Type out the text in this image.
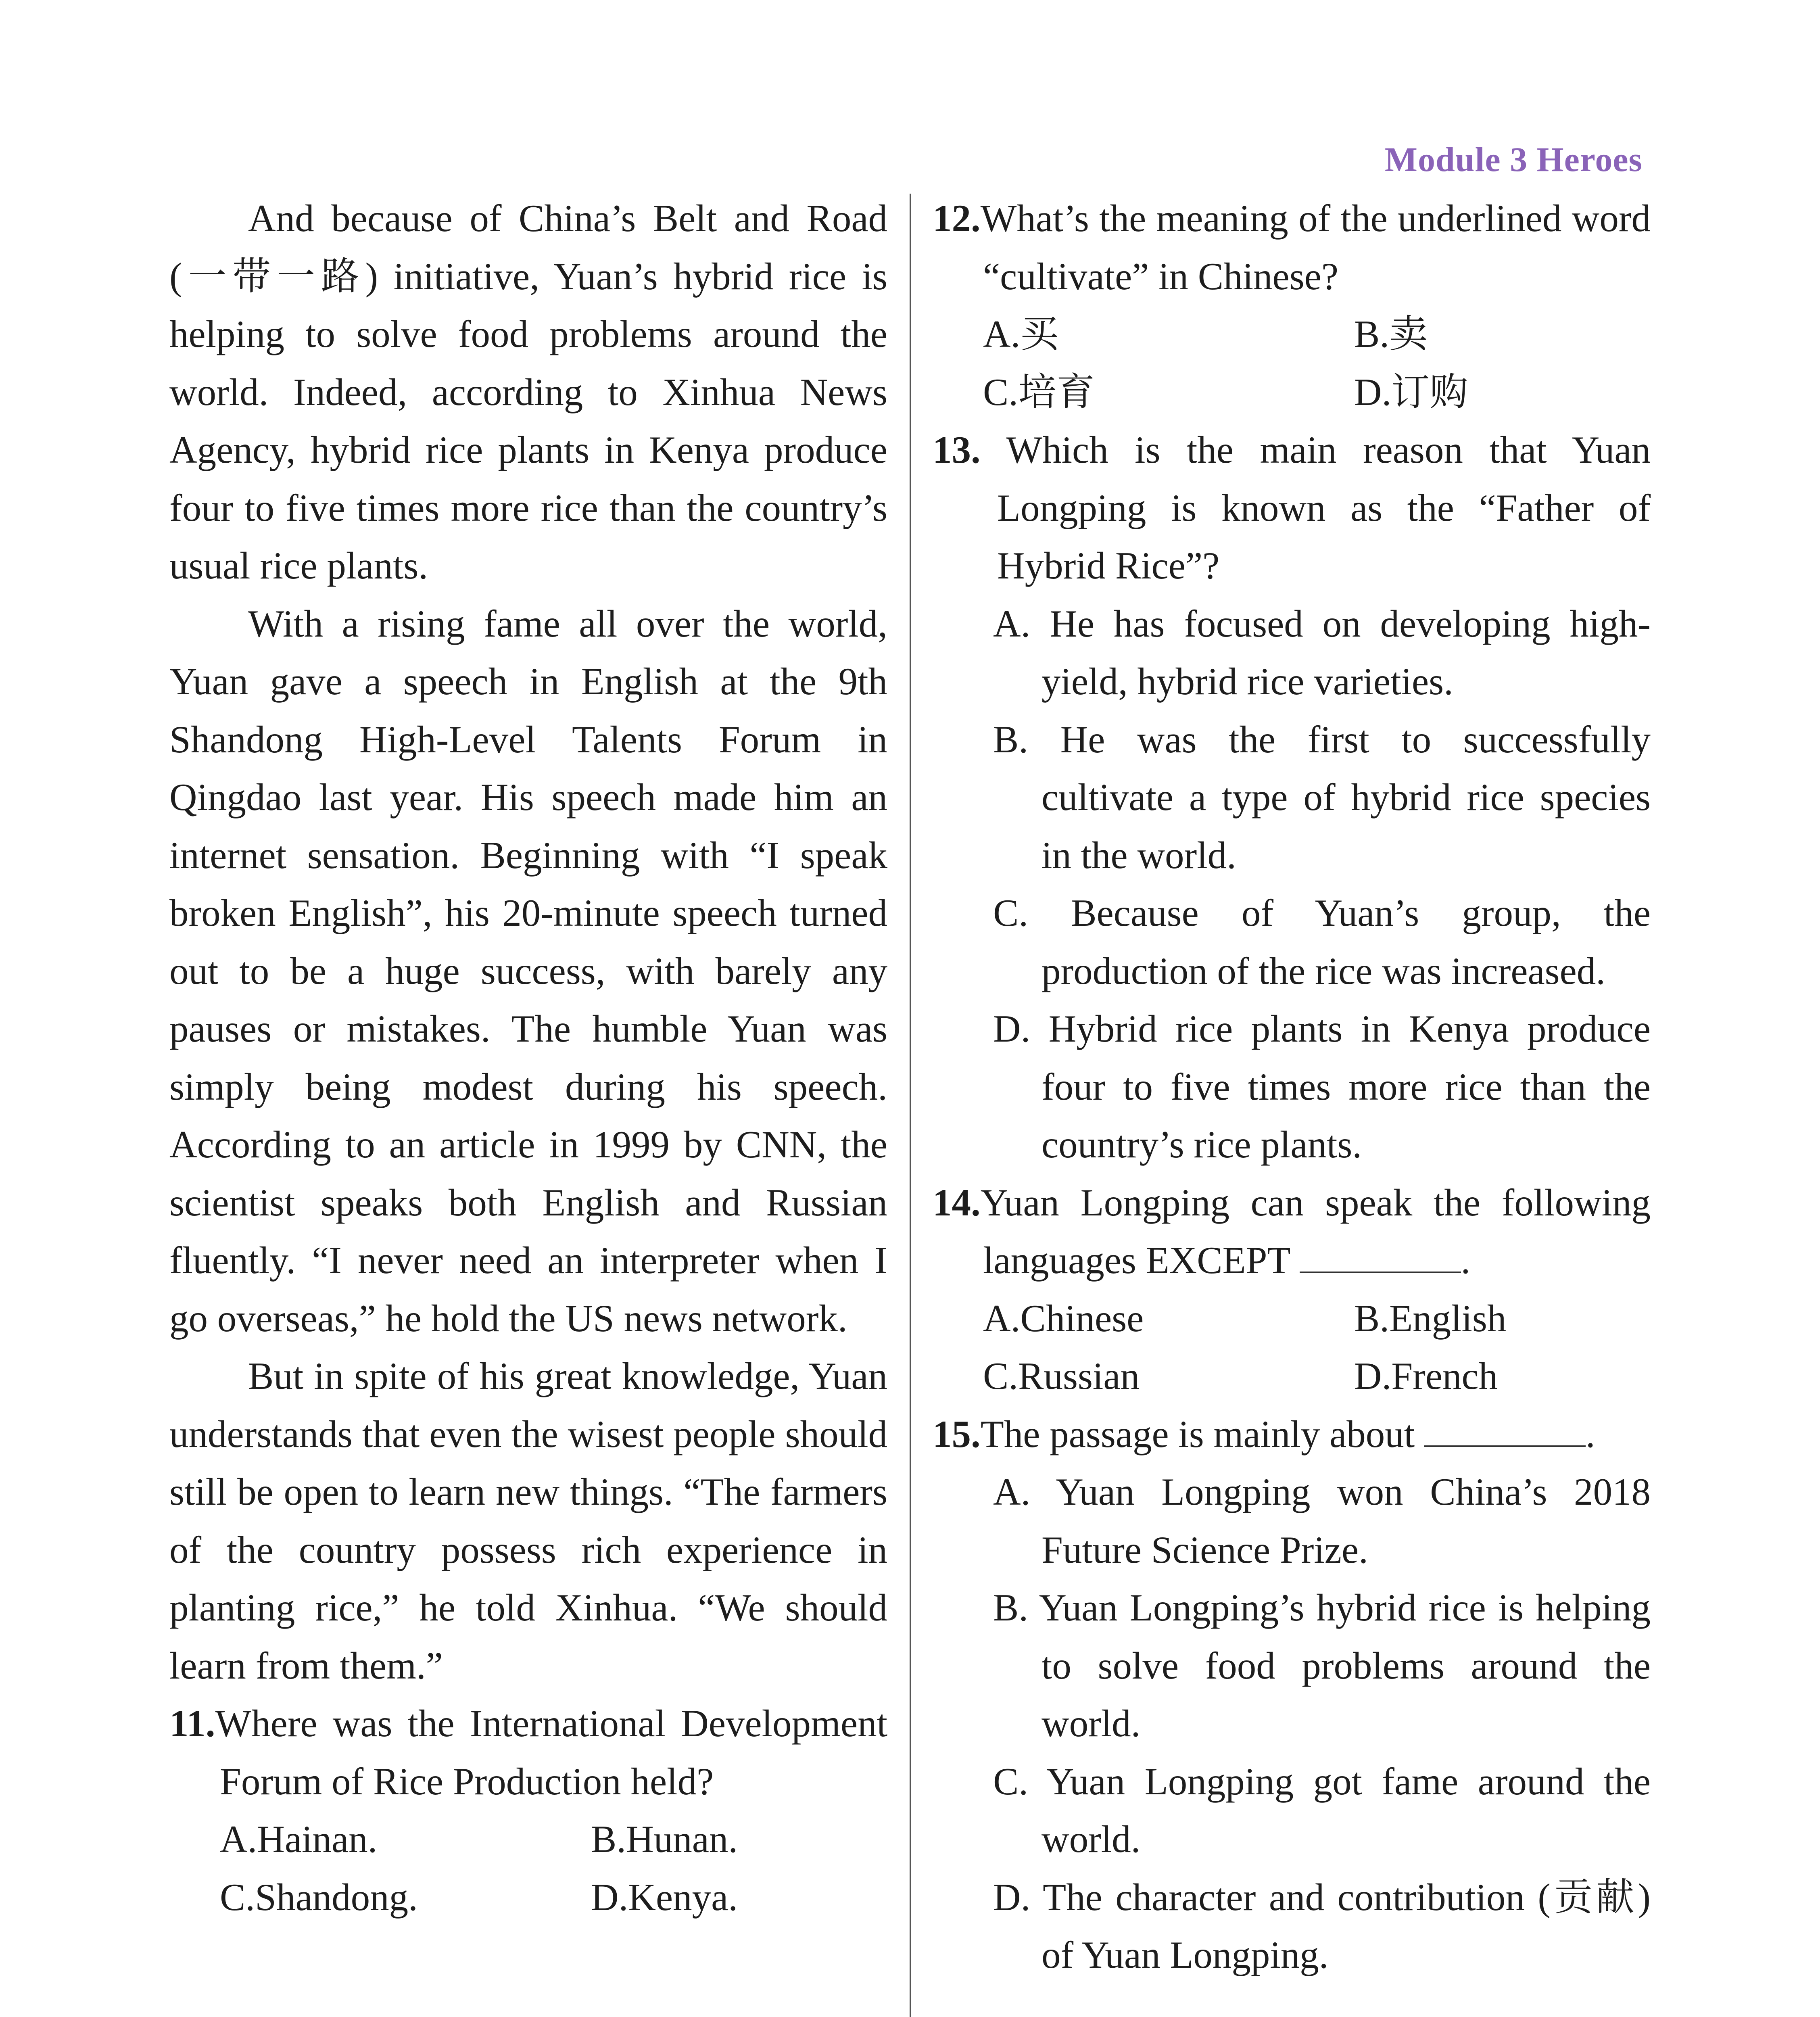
Module 3 Heroes

And because of China’s Belt and Road (一带一路) initiative, Yuan’s hybrid rice is helping to solve food problems around the world. Indeed, according to Xinhua News Agency, hybrid rice plants in Kenya produce four to five times more rice than the country’s usual rice plants.

With a rising fame all over the world, Yuan gave a speech in English at the 9th Shandong High-Level Talents Forum in Qingdao last year. His speech made him an internet sensation. Beginning with “I speak broken English”, his 20-minute speech turned out to be a huge success, with barely any pauses or mistakes. The humble Yuan was simply being modest during his speech. According to an article in 1999 by CNN, the scientist speaks both English and Russian fluently. “I never need an interpreter when I go overseas,” he hold the US news network.

But in spite of his great knowledge, Yuan understands that even the wisest people should still be open to learn new things. “The farmers of the country possess rich experience in planting rice,” he told Xinhua. “We should learn from them.”

11.Where was the International Development Forum of Rice Production held?
A.Hainan.	B.Hunan.
C.Shandong.	D.Kenya.
12.What’s the meaning of the underlined word “cultivate” in Chinese?
A.买	B.卖
C.培育	D.订购
13. Which is the main reason that Yuan Longping is known as the “Father of Hybrid Rice”?
A. He has focused on developing high-yield, hybrid rice varieties.
B. He was the first to successfully cultivate a type of hybrid rice species in the world.
C. Because of Yuan’s group, the production of the rice was increased.
D. Hybrid rice plants in Kenya produce four to five times more rice than the country’s rice plants.
14.Yuan Longping can speak the following languages EXCEPT	.
A.Chinese	B.English
C.Russian	D.French
15.The passage is mainly about	.
A. Yuan Longping won China’s 2018 Future Science Prize.
B. Yuan Longping’s hybrid rice is helping to solve food problems around the world.
C. Yuan Longping got fame around the world.
D. The character and contribution (贡献) of Yuan Longping.
